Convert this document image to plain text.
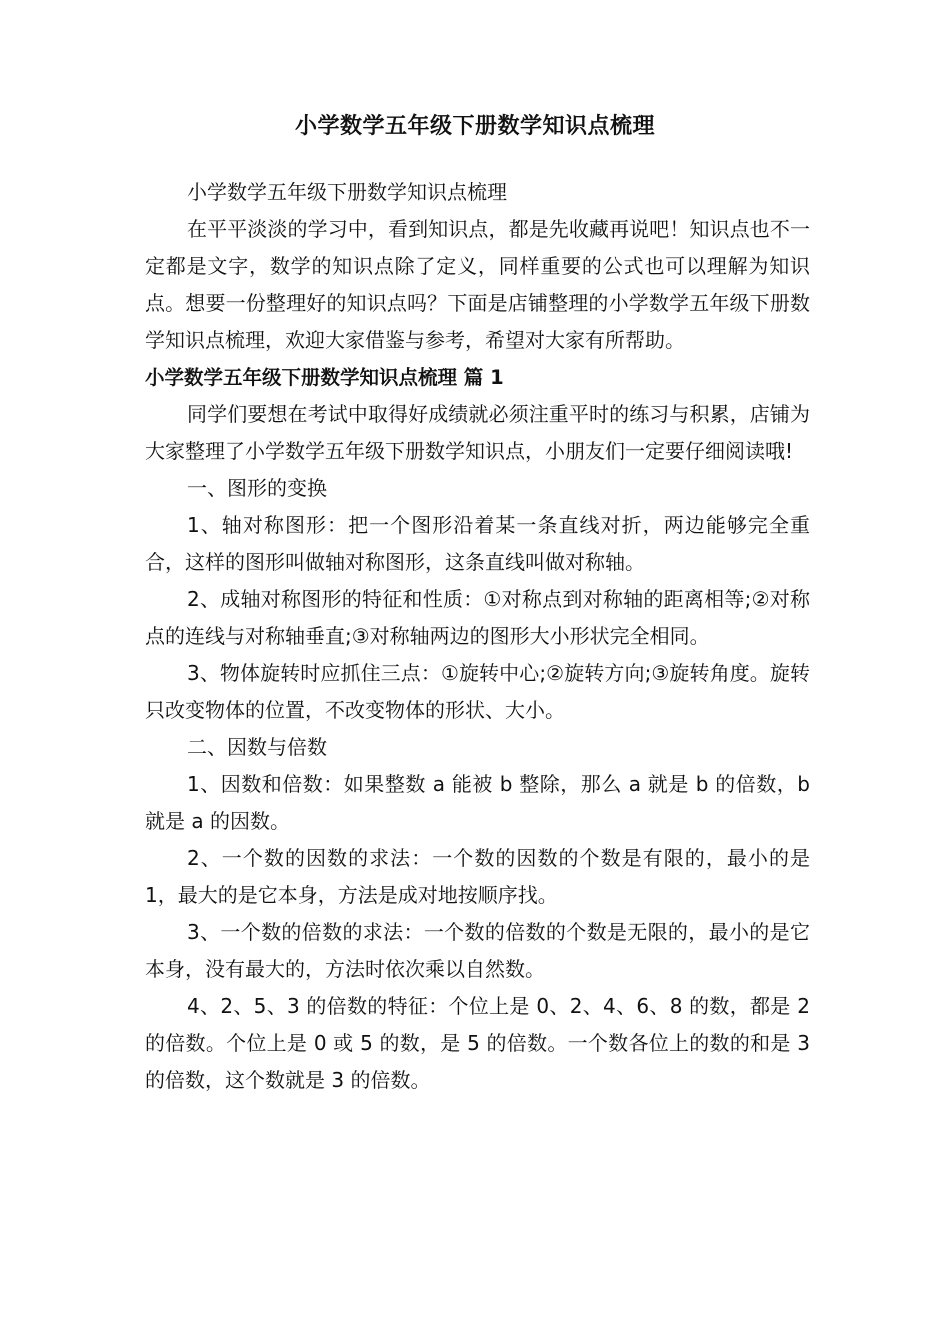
小学数学五年级下册数学知识点梳理

小学数学五年级下册数学知识点梳理

在平平淡淡的学习中，看到知识点，都是先收藏再说吧！知识点也不一定都是文字，数学的知识点除了定义，同样重要的公式也可以理解为知识点。想要一份整理好的知识点吗？下面是店铺整理的小学数学五年级下册数学知识点梳理，欢迎大家借鉴与参考，希望对大家有所帮助。

小学数学五年级下册数学知识点梳理 篇 1

同学们要想在考试中取得好成绩就必须注重平时的练习与积累，店铺为大家整理了小学数学五年级下册数学知识点，小朋友们一定要仔细阅读哦!

一、图形的变换

1、轴对称图形：把一个图形沿着某一条直线对折，两边能够完全重合，这样的图形叫做轴对称图形，这条直线叫做对称轴。

2、成轴对称图形的特征和性质：①对称点到对称轴的距离相等;②对称点的连线与对称轴垂直;③对称轴两边的图形大小形状完全相同。

3、物体旋转时应抓住三点：①旋转中心;②旋转方向;③旋转角度。旋转只改变物体的位置，不改变物体的形状、大小。

二、因数与倍数

1、因数和倍数：如果整数 a 能被 b 整除，那么 a 就是 b 的倍数，b 就是 a 的因数。

2、一个数的因数的求法：一个数的因数的个数是有限的，最小的是 1，最大的是它本身，方法是成对地按顺序找。

3、一个数的倍数的求法：一个数的倍数的个数是无限的，最小的是它本身，没有最大的，方法时依次乘以自然数。

4、2、5、3 的倍数的特征：个位上是 0、2、4、6、8 的数，都是 2 的倍数。个位上是 0 或 5 的数，是 5 的倍数。一个数各位上的数的和是 3 的倍数，这个数就是 3 的倍数。
